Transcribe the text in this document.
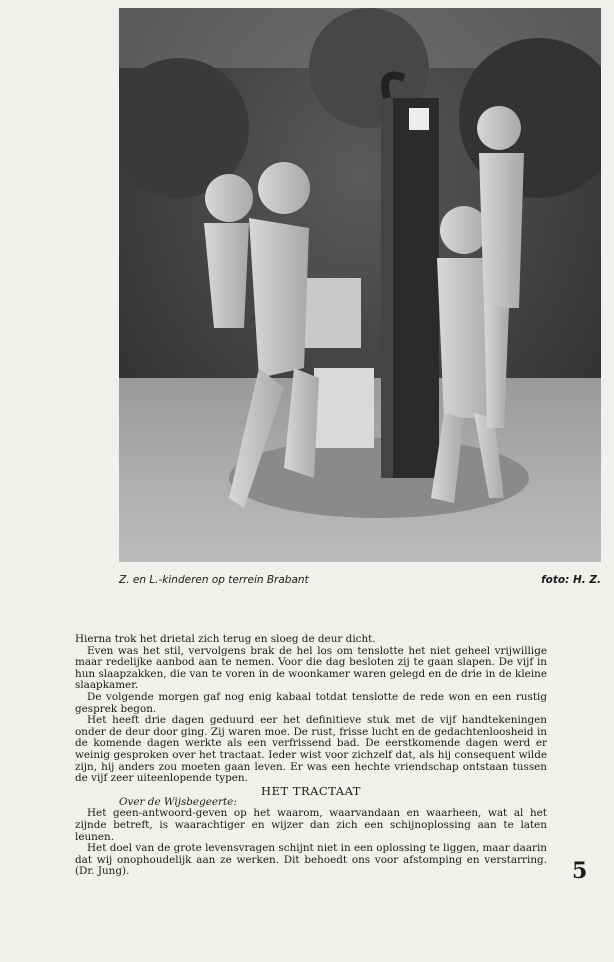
Z. en L.-kinderen op terrein Brabant	foto: H. Z.

Hierna trok het drietal zich terug en sloeg de deur dicht.

Even was het stil, vervolgens brak de hel los om tenslotte het niet geheel vrijwillige maar redelijke aanbod aan te nemen. Voor die dag besloten zij te gaan slapen. De vijf in hun slaapzakken, die van te voren in de woonkamer waren gelegd en de drie in de kleine slaapkamer.

De volgende morgen gaf nog enig kabaal totdat tenslotte de rede won en een rustig gesprek begon.

Het heeft drie dagen geduurd eer het definitieve stuk met de vijf handtekeningen onder de deur door ging. Zij waren moe. De rust, frisse lucht en de gedachtenloosheid in de komende dagen werkte als een verfrissend bad. De eerstkomende dagen werd er weinig gesproken over het tractaat. Ieder wist voor zichzelf dat, als hij consequent wilde zijn, hij anders zou moeten gaan leven. Er was een hechte vriendschap ontstaan tussen de vijf zeer uiteenlopende typen.

HET TRACTAAT
Over de Wijsbegeerte:

Het geen-antwoord-geven op het waarom, waarvandaan en waarheen, wat al het zijnde betreft, is waarachtiger en wijzer dan zich een schijnoplossing aan te laten leunen.

Het doel van de grote levensvragen schijnt niet in een oplossing te liggen, maar daarin dat wij onophoudelijk aan ze werken. Dit behoedt ons voor afstomping en verstarring. (Dr. Jung).	5
